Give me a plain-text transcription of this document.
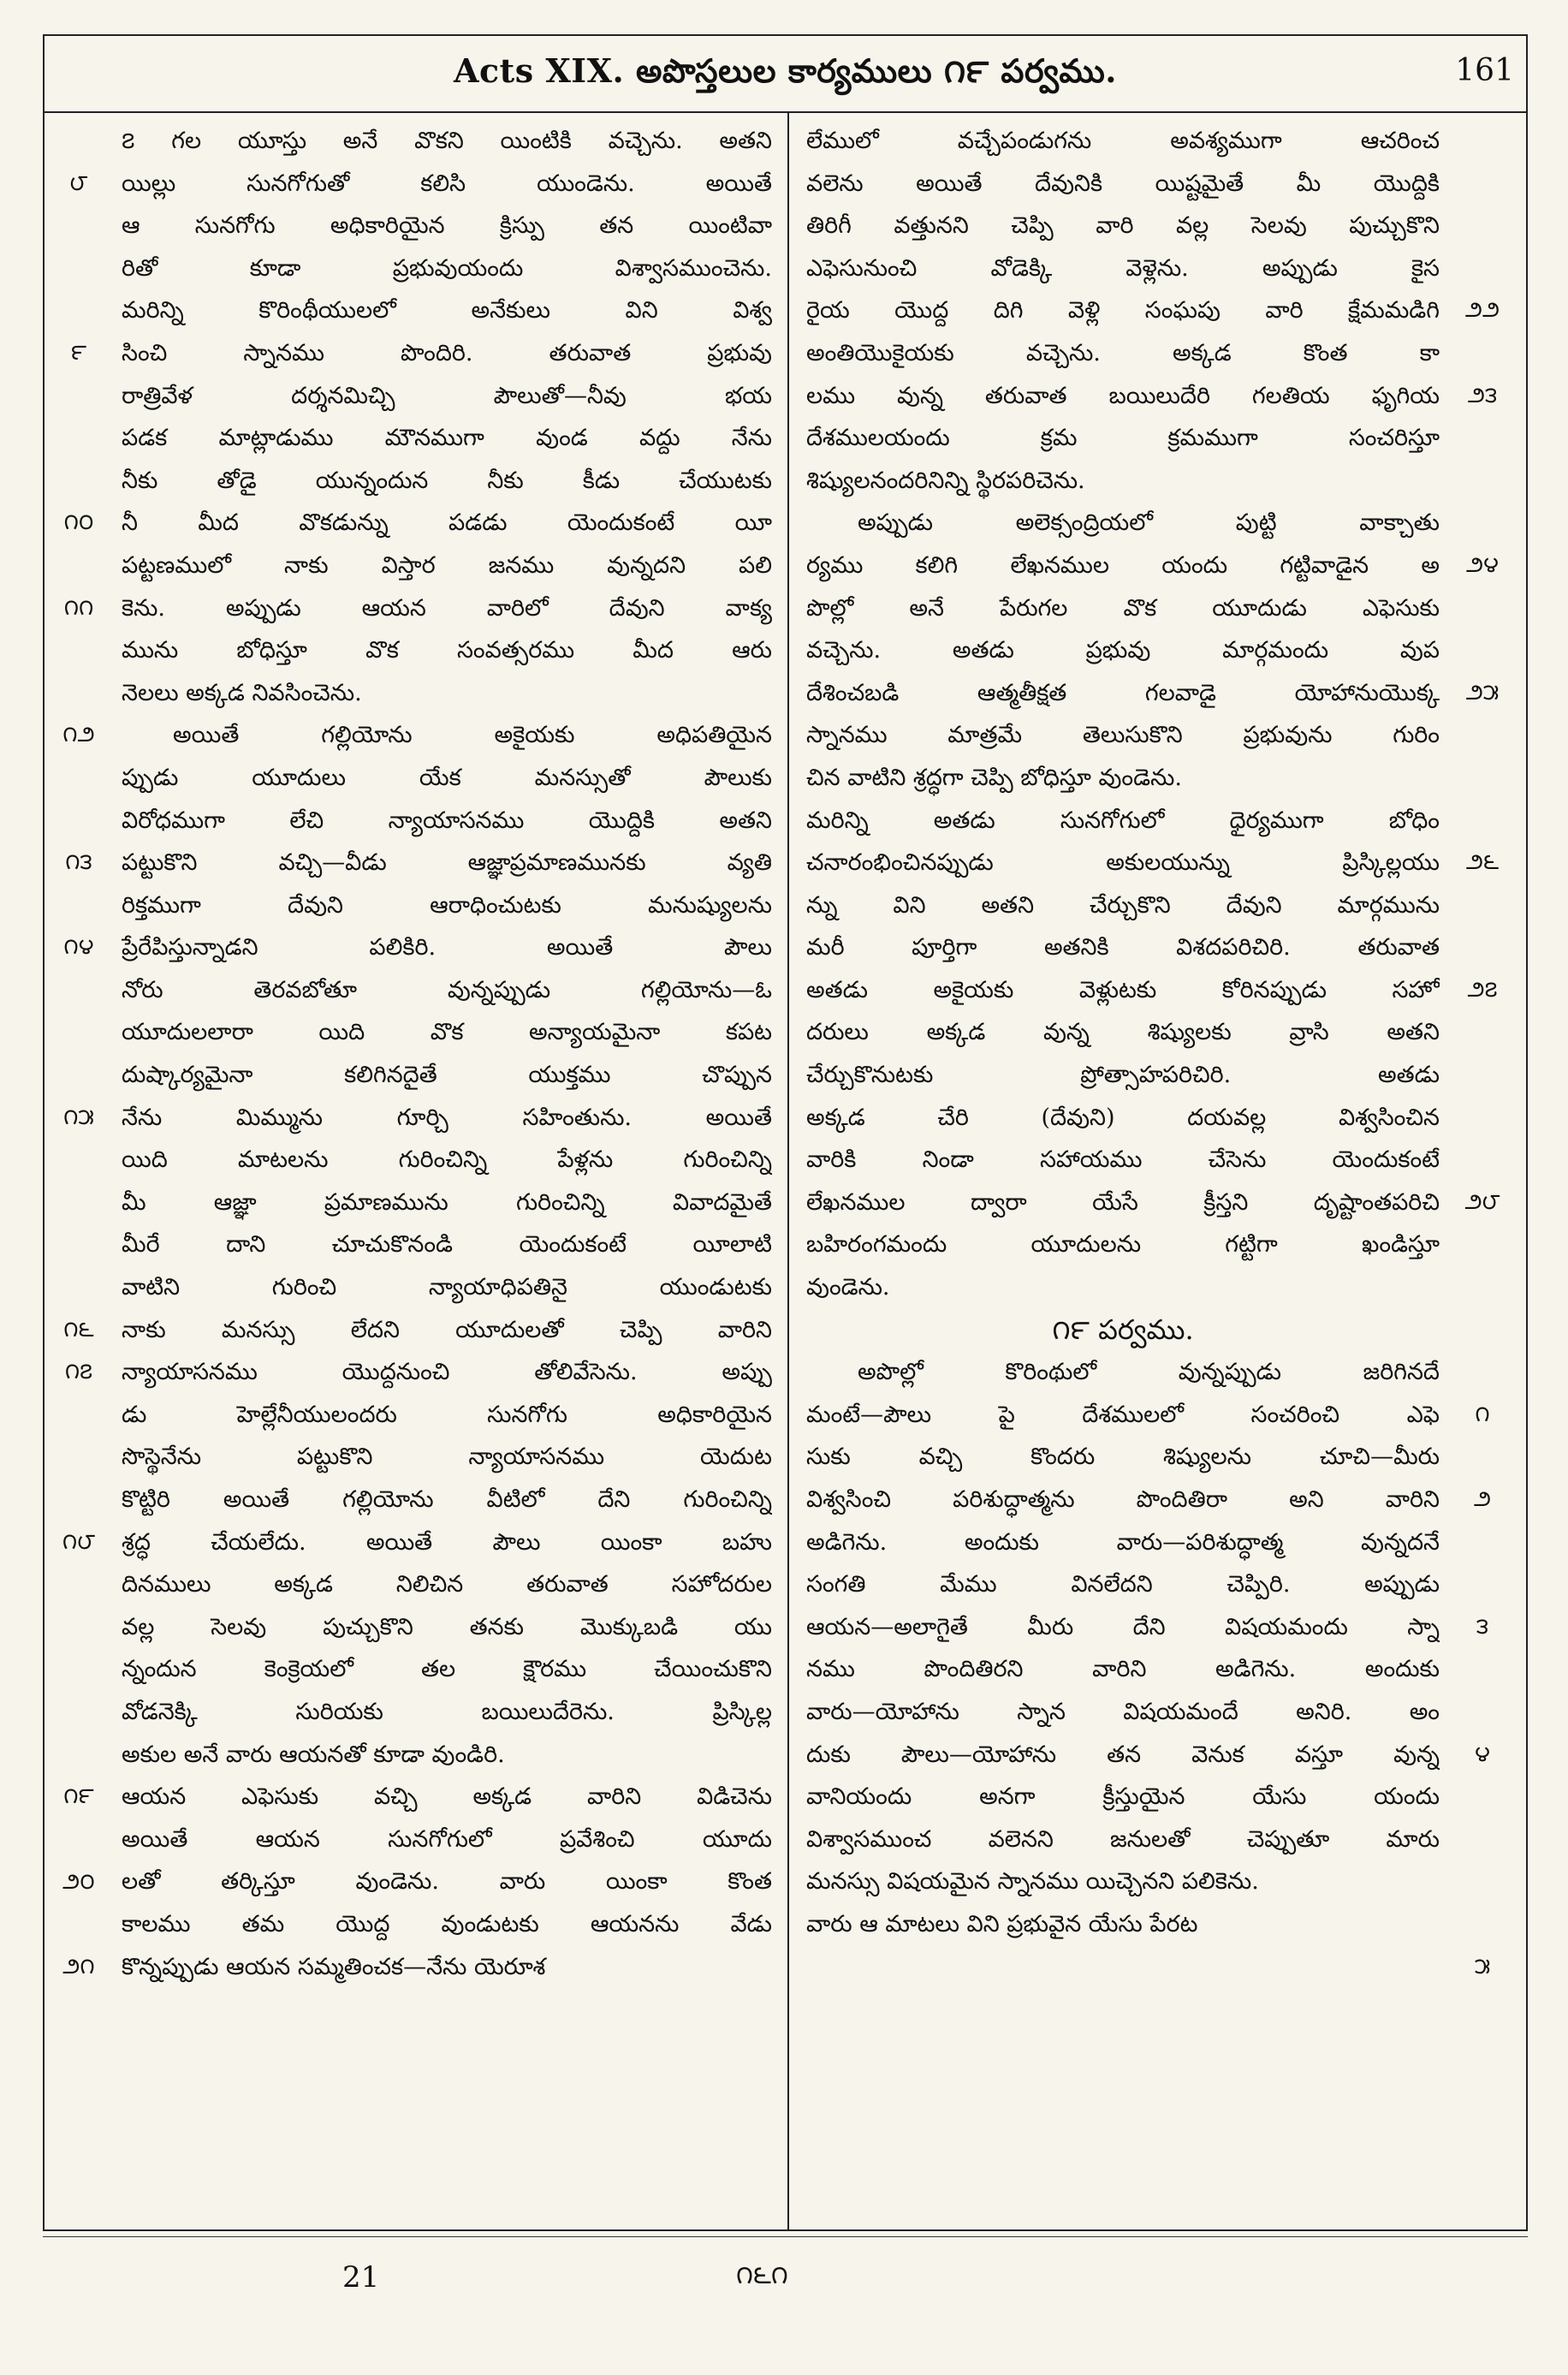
Acts XIX. అపొస్తలుల కార్యములు ౧౯ పర్వము.	161
౮
౯
౧౦
౧౧
౧౨
౧౩
౧౪
౧౫
౧౬
౧౭
౧౮
౧౯
౨౦
౨౧
౨౨
౨౩
౨౪
౨౫
౨౬
౨౭
౨౮
౧
౨
౩
౪
౫
౭ గల యూస్తు అనే వొకని యింటికి వచ్చెను. అతని
యిల్లు సునగోగుతో కలిసి యుండెను. అయితే
ఆ సునగోగు అధికారియైన క్రిస్పు తన యింటివా
రితో కూడా ప్రభువుయందు విశ్వాసముంచెను.
మరిన్ని కొరింథీయులలో అనేకులు విని విశ్వ
సించి స్నానము పొందిరి. తరువాత ప్రభువు
రాత్రివేళ దర్శనమిచ్చి పౌలుతో—నీవు భయ
పడక మాట్లాడుము మౌనముగా వుండ వద్దు నేను
నీకు తోడై యున్నందున నీకు కీడు చేయుటకు
నీ మీద వొకడున్ను పడడు యెందుకంటే యీ
పట్టణములో నాకు విస్తార జనము వున్నదని పలి
కెను. అప్పుడు ఆయన వారిలో దేవుని వాక్య
మును బోధిస్తూ వొక సంవత్సరము మీద ఆరు
నెలలు అక్కడ నివసించెను.
అయితే గల్లియోను అకైయకు అధిపతియైన
ప్పుడు యూదులు యేక మనస్సుతో పౌలుకు
విరోధముగా లేచి న్యాయాసనము యొద్దికి అతని
పట్టుకొని వచ్చి—వీడు ఆజ్ఞాప్రమాణమునకు వ్యతి
రిక్తముగా దేవుని ఆరాధించుటకు మనుష్యులను
ప్రేరేపిస్తున్నాడని పలికిరి. అయితే పౌలు
నోరు తెరవబోతూ వున్నప్పుడు గల్లియోను—ఓ
యూదులలారా యిది వొక అన్యాయమైనా కపట
దుష్కార్యమైనా కలిగినదైతే యుక్తము చొప్పున
నేను మిమ్మును గూర్చి సహింతును. అయితే
యిది మాటలను గురించిన్ని పేళ్లను గురించిన్ని
మీ ఆజ్ఞా ప్రమాణమును గురించిన్ని వివాదమైతే
మీరే దాని చూచుకొనండి యెందుకంటే యీలాటి
వాటిని గురించి న్యాయాధిపతినై యుండుటకు
నాకు మనస్సు లేదని యూదులతో చెప్పి వారిని
న్యాయాసనము యొద్దనుంచి తోలివేసెను. అప్పు
డు హెల్లేనీయులందరు సునగోగు అధికారియైన
సొస్థెనేను పట్టుకొని న్యాయాసనము యెదుట
కొట్టిరి అయితే గల్లియోను వీటిలో దేని గురించిన్ని
శ్రద్ధ చేయలేదు. అయితే పౌలు యింకా బహు
దినములు అక్కడ నిలిచిన తరువాత సహోదరుల
వల్ల సెలవు పుచ్చుకొని తనకు మొక్కుబడి యు
న్నందున కెంక్రెయలో తల క్షౌరము చేయించుకొని
వోడనెక్కి సురియకు బయిలుదేరెను. ప్రిస్కిల్ల
అకుల అనే వారు ఆయనతో కూడా వుండిరి.
ఆయన ఎఫెసుకు వచ్చి అక్కడ వారిని విడిచెను
అయితే ఆయన సునగోగులో ప్రవేశించి యూదు
లతో తర్కిస్తూ వుండెను. వారు యింకా కొంత
కాలము తమ యొద్ద వుండుటకు ఆయనను వేడు
కొన్నప్పుడు ఆయన సమ్మతించక—నేను యెరూశ
లేములో వచ్చేపండుగను అవశ్యముగా ఆచరించ
వలెను అయితే దేవునికి యిష్టమైతే మీ యొద్దికి
తిరిగీ వత్తునని చెప్పి వారి వల్ల సెలవు పుచ్చుకొని
ఎఫెసునుంచి వోడెక్కి వెళ్లెను. అప్పుడు కైస
రైయ యొద్ద దిగి వెళ్లి సంఘపు వారి క్షేమమడిగి
అంతియొకైయకు వచ్చెను. అక్కడ కొంత కా
లము వున్న తరువాత బయిలుదేరి గలతియ ఫృగియ
దేశములయందు క్రమ క్రమముగా సంచరిస్తూ
శిష్యులనందరినిన్ని స్థిరపరిచెను.
అప్పుడు అలెక్సంద్రియలో పుట్టి వాక్చాతు
ర్యము కలిగి లేఖనముల యందు గట్టివాడైన అ
పొల్లో అనే పేరుగల వొక యూదుడు ఎఫెసుకు
వచ్చెను. అతడు ప్రభువు మార్గమందు వుప
దేశించబడి ఆత్మతీక్షత గలవాడై యోహానుయొక్క
స్నానము మాత్రమే తెలుసుకొని ప్రభువును గురిం
చిన వాటిని శ్రద్ధగా చెప్పి బోధిస్తూ వుండెను.
మరిన్ని అతడు సునగోగులో ధైర్యముగా బోధిం
చనారంభించినప్పుడు అకులయున్ను ప్రిస్కిల్లయు
న్ను విని అతని చేర్చుకొని దేవుని మార్గమును
మరీ పూర్తిగా అతనికి విశదపరిచిరి. తరువాత
అతడు అకైయకు వెళ్లుటకు కోరినప్పుడు సహో
దరులు అక్కడ వున్న శిష్యులకు వ్రాసి అతని
చేర్చుకొనుటకు ప్రోత్సాహపరిచిరి. అతడు
అక్కడ చేరి (దేవుని) దయవల్ల విశ్వసించిన
వారికి నిండా సహాయము చేసెను యెందుకంటే
లేఖనముల ద్వారా యేసే క్రీస్తని దృష్టాంతపరిచి
బహిరంగమందు యూదులను గట్టిగా ఖండిస్తూ
వుండెను.
౧౯ పర్వము.
అపొల్లో కొరింథులో వున్నప్పుడు జరిగినదే
మంటే—పౌలు పై దేశములలో సంచరించి ఎఫె
సుకు వచ్చి కొందరు శిష్యులను చూచి—మీరు
విశ్వసించి పరిశుద్ధాత్మను పొందితిరా అని వారిని
అడిగెను. అందుకు వారు—పరిశుద్ధాత్మ వున్నదనే
సంగతి మేము వినలేదని చెప్పిరి. అప్పుడు
ఆయన—అలాగైతే మీరు దేని విషయమందు స్నా
నము పొందితిరని వారిని అడిగెను. అందుకు
వారు—యోహాను స్నాన విషయమందే అనిరి. అం
దుకు పౌలు—యోహాను తన వెనుక వస్తూ వున్న
వానియందు అనగా క్రీస్తుయైన యేసు యందు
విశ్వాసముంచ వలెనని జనులతో చెప్పుతూ మారు
మనస్సు విషయమైన స్నానము యిచ్చెనని పలికెను.
వారు ఆ మాటలు విని ప్రభువైన యేసు పేరట
21	౧౬౧
